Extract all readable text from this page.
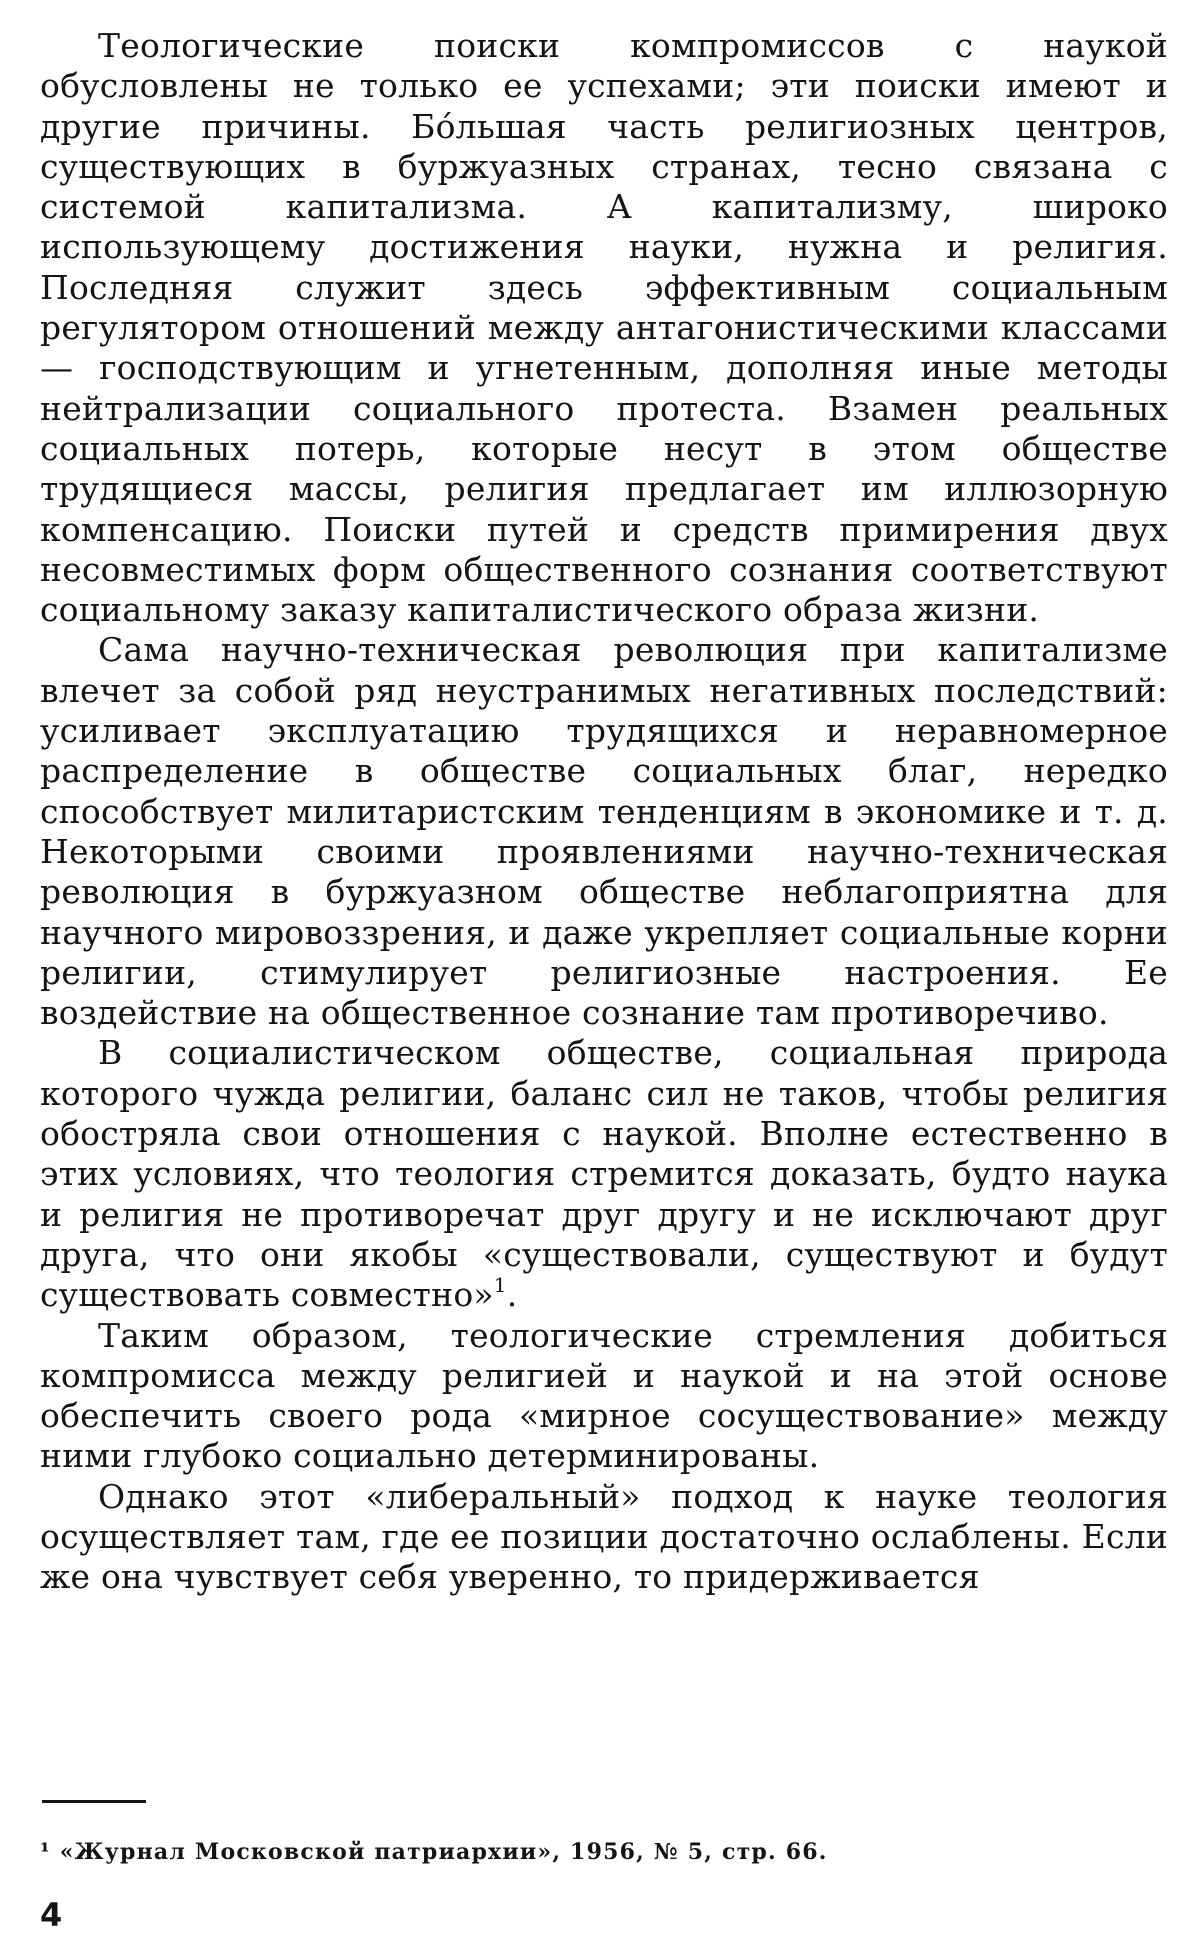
Теологические поиски компромиссов с наукой обусловлены не только ее успехами; эти поиски имеют и другие причины. Бо́льшая часть религиозных центров, существующих в буржуазных странах, тесно связана с системой капитализма. А капитализму, широко использующему достижения науки, нужна и религия. Последняя служит здесь эффективным социальным регулятором отношений между антагонистическими классами — господствующим и угнетенным, дополняя иные методы нейтрализации социального протеста. Взамен реальных социальных потерь, которые несут в этом обществе трудящиеся массы, религия предлагает им иллюзорную компенсацию. Поиски путей и средств примирения двух несовместимых форм общественного сознания соответствуют социальному заказу капиталистического образа жизни.

Сама научно-техническая революция при капитализме влечет за собой ряд неустранимых негативных последствий: усиливает эксплуатацию трудящихся и неравномерное распределение в обществе социальных благ, нередко способствует милитаристским тенденциям в экономике и т. д. Некоторыми своими проявлениями научно-техническая революция в буржуазном обществе неблагоприятна для научного мировоззрения, и даже укрепляет социальные корни религии, стимулирует религиозные настроения. Ее воздействие на общественное сознание там противоречиво.

В социалистическом обществе, социальная природа которого чужда религии, баланс сил не таков, чтобы религия обостряла свои отношения с наукой. Вполне естественно в этих условиях, что теология стремится доказать, будто наука и религия не противоречат друг другу и не исключают друг друга, что они якобы «существовали, существуют и будут существовать совместно»$^1$.

Таким образом, теологические стремления добиться компромисса между религией и наукой и на этой основе обеспечить своего рода «мирное сосуществование» между ними глубоко социально детерминированы.

Однако этот «либеральный» подход к науке теология осуществляет там, где ее позиции достаточно ослаблены. Если же она чувствует себя уверенно, то придерживается

¹ «Журнал Московской патриархии», 1956, № 5, стр. 66.
4
